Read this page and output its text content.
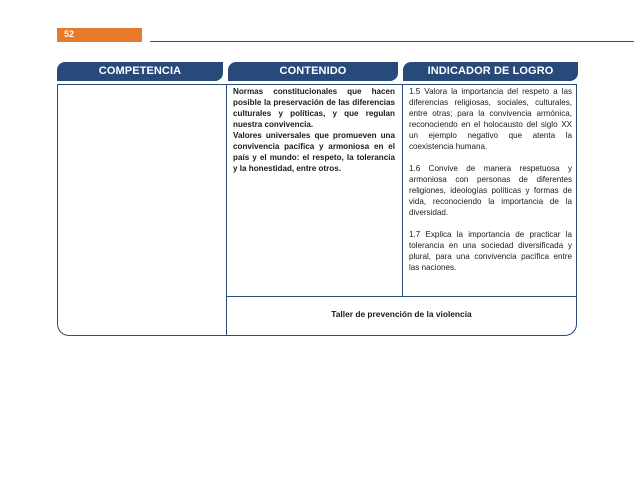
52
COMPETENCIA	CONTENIDO	INDICADOR DE LOGRO

Normas constitucionales que hacen posible la preservación de las diferencias culturales y políticas, y que regulan nuestra convivencia.

Valores universales que promueven una convivencia pacífica y armoniosa en el país y el mundo: el respeto, la tolerancia y la honestidad, entre otros.

1.5 Valora la importancia del respeto a las diferencias religiosas, sociales, culturales, entre otras; para la convivencia armónica, reconociendo en el holocausto del siglo XX un ejemplo negativo que atenta la coexistencia humana.

1.6 Convive de manera respetuosa y armoniosa con personas de diferentes religiones, ideologías políticas y formas de vida, reconociendo la importancia de la diversidad.

1.7 Explica la importancia de practicar la tolerancia en una sociedad diversificada y plural, para una convivencia pacífica entre las naciones.

Taller de prevención de la violencia
